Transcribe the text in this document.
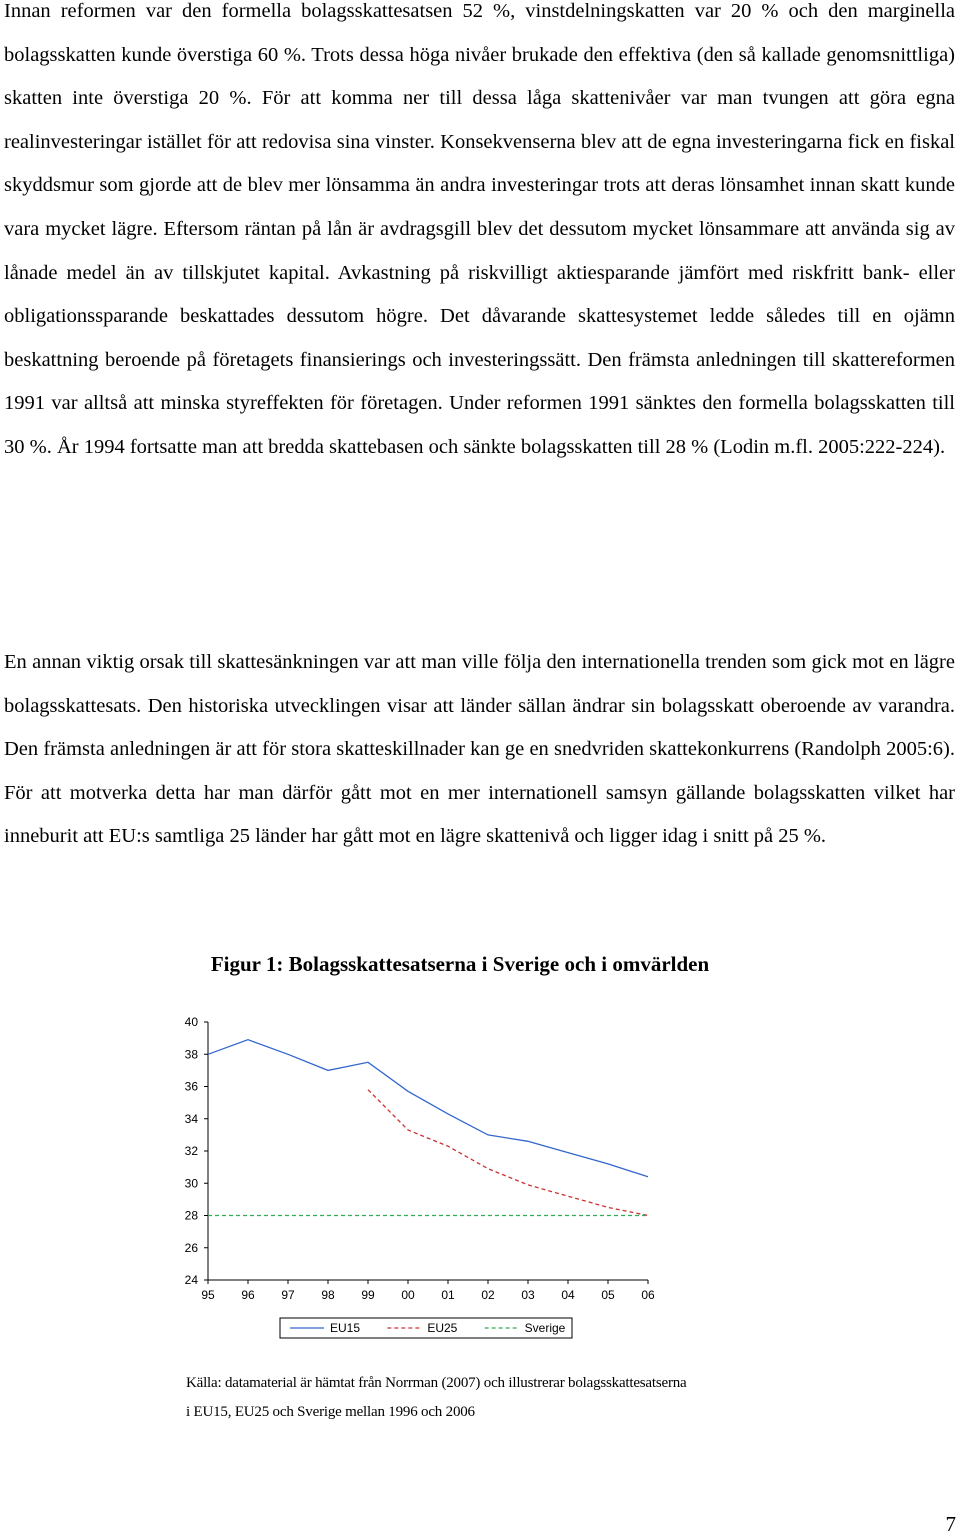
Innan reformen var den formella bolagsskattesatsen 52 %, vinstdelningskatten var 20 % och den marginella bolagsskatten kunde överstiga 60 %. Trots dessa höga nivåer brukade den effektiva (den så kallade genomsnittliga) skatten inte överstiga 20 %. För att komma ner till dessa låga skattenivåer var man tvungen att göra egna realinvesteringar istället för att redovisa sina vinster. Konsekvenserna blev att de egna investeringarna fick en fiskal skyddsmur som gjorde att de blev mer lönsamma än andra investeringar trots att deras lönsamhet innan skatt kunde vara mycket lägre. Eftersom räntan på lån är avdragsgill blev det dessutom mycket lönsammare att använda sig av lånade medel än av tillskjutet kapital. Avkastning på riskvilligt aktiesparande jämfört med riskfritt bank- eller obligationssparande beskattades dessutom högre. Det dåvarande skattesystemet ledde således till en ojämn beskattning beroende på företagets finansierings och investeringssätt. Den främsta anledningen till skattereformen 1991 var alltså att minska styreffekten för företagen. Under reformen 1991 sänktes den formella bolagsskatten till 30 %. År 1994 fortsatte man att bredda skattebasen och sänkte bolagsskatten till 28 % (Lodin m.fl. 2005:222-224).

En annan viktig orsak till skattesänkningen var att man ville följa den internationella trenden som gick mot en lägre bolagsskattesats. Den historiska utvecklingen visar att länder sällan ändrar sin bolagsskatt oberoende av varandra. Den främsta anledningen är att för stora skatteskillnader kan ge en snedvriden skattekonkurrens (Randolph 2005:6). För att motverka detta har man därför gått mot en mer internationell samsyn gällande bolagsskatten vilket har inneburit att EU:s samtliga 25 länder har gått mot en lägre skattenivå och ligger idag i snitt på 25 %.

Figur 1: Bolagsskattesatserna i Sverige och i omvärlden

24
26
28
30
32
34
36
38
40
95 96 97 98 99 00 01 02 03 04 05 06
EU15	EU25	Sverige

Källa: datamaterial är hämtat från Norrman (2007) och illustrerar bolagsskattesatserna

i EU15, EU25 och Sverige mellan 1996 och 2006

7
